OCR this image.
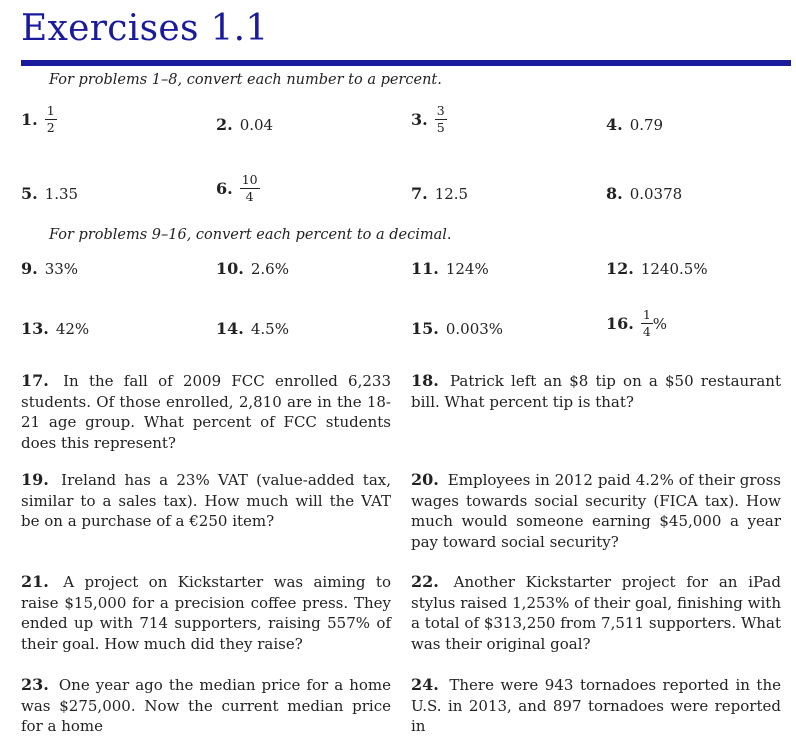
Exercises 1.1
For problems 1–8, convert each number to a percent.
1. $\frac{1}{2}$	2. 0.04	3. $\frac{3}{5}$	4. 0.79
5. 1.35	6. $\frac{10}{4}$	7. 12.5	8. 0.0378
For problems 9–16, convert each percent to a decimal.
9. 33%	10. 2.6%	11. 124%	12. 1240.5%
13. 42%	14. 4.5%	15. 0.003%	16. $\frac{1}{4}$ %
17. In the fall of 2009 FCC enrolled 6,233 students. Of those enrolled, 2,810 are in the 18-21 age group. What percent of FCC students does this represent?
18. Patrick left an $8 tip on a $50 restaurant bill. What percent tip is that?
19. Ireland has a 23% VAT (value-added tax, similar to a sales tax). How much will the VAT be on a purchase of a €250 item?
20. Employees in 2012 paid 4.2% of their gross wages towards social security (FICA tax). How much would someone earning $45,000 a year pay toward social security?
21. A project on Kickstarter was aiming to raise $15,000 for a precision coffee press. They ended up with 714 supporters, raising 557% of their goal. How much did they raise?
22. Another Kickstarter project for an iPad stylus raised 1,253% of their goal, finishing with a total of $313,250 from 7,511 supporters. What was their original goal?
23. One year ago the median price for a home was $275,000. Now the current median price for a home
24. There were 943 tornadoes reported in the U.S. in 2013, and 897 tornadoes were reported in
